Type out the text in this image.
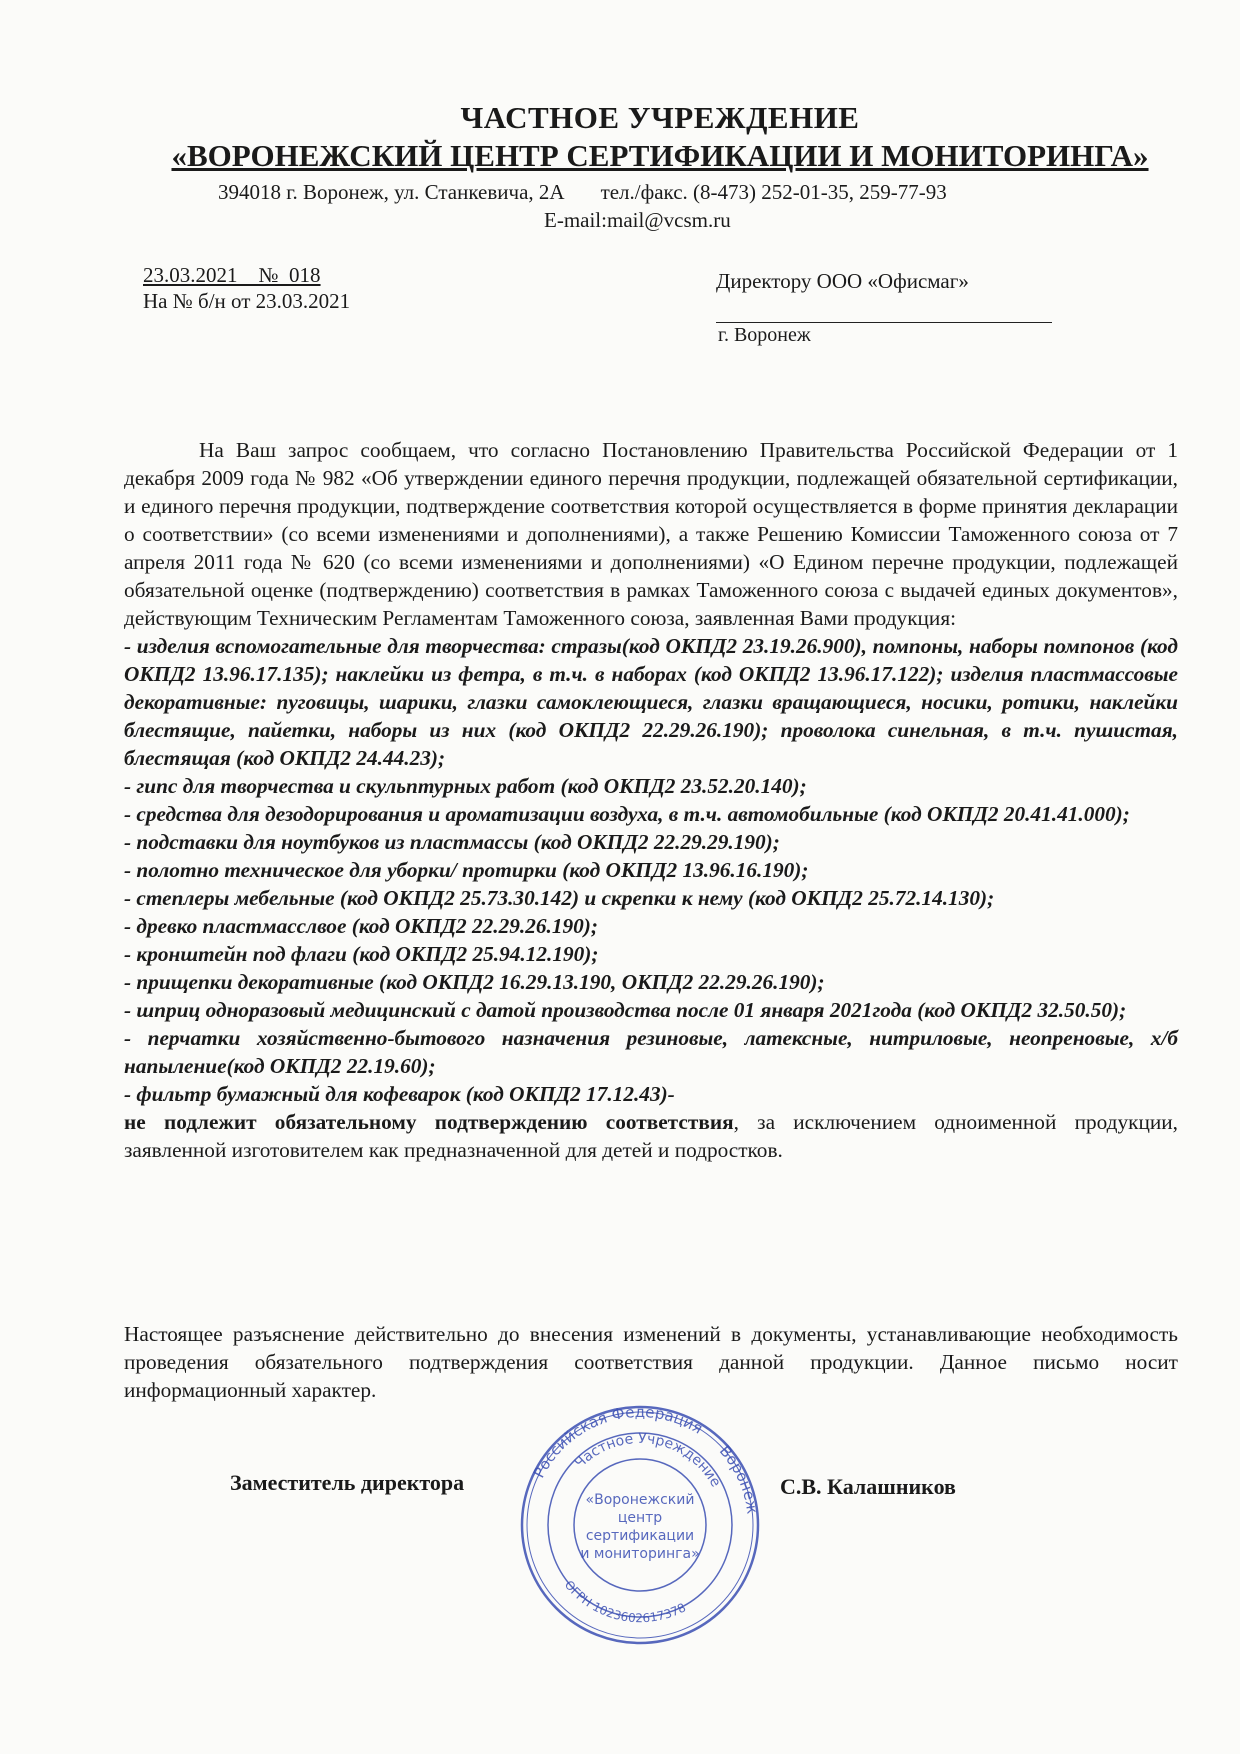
ЧАСТНОЕ УЧРЕЖДЕНИЕ
«ВОРОНЕЖСКИЙ ЦЕНТР СЕРТИФИКАЦИИ И МОНИТОРИНГА»
394018 г. Воронеж, ул. Станкевича, 2А тел./факс. (8-473) 252-01-35, 259-77-93
E-mail:mail@vcsm.ru
23.03.2021    №  018
На № б/н от 23.03.2021
Директору ООО «Офисмаг»
г. Воронеж

На Ваш запрос сообщаем, что согласно Постановлению Правительства Российской Федерации от 1 декабря 2009 года № 982 «Об утверждении единого перечня продукции, подлежащей обязательной сертификации, и единого перечня продукции, подтверждение соответствия которой осуществляется в форме принятия декларации о соответствии» (со всеми изменениями и дополнениями), а также Решению Комиссии Таможенного союза от 7 апреля 2011 года № 620 (со всеми изменениями и дополнениями) «О Едином перечне продукции, подлежащей обязательной оценке (подтверждению) соответствия в рамках Таможенного союза с выдачей единых документов», действующим Техническим Регламентам Таможенного союза, заявленная Вами продукция:

- изделия вспомогательные для творчества: стразы(код ОКПД2 23.19.26.900), помпоны, наборы помпонов (код ОКПД2 13.96.17.135); наклейки из фетра, в т.ч. в наборах (код ОКПД2 13.96.17.122); изделия пластмассовые декоративные: пуговицы, шарики, глазки самоклеющиеся, глазки вращающиеся, носики, ротики, наклейки блестящие, пайетки, наборы из них (код ОКПД2 22.29.26.190); проволока синельная, в т.ч. пушистая, блестящая (код ОКПД2 24.44.23);
- гипс для творчества и скульптурных работ (код ОКПД2 23.52.20.140);
- средства для дезодорирования и ароматизации воздуха, в т.ч. автомобильные (код ОКПД2 20.41.41.000);
- подставки для ноутбуков из пластмассы (код ОКПД2 22.29.29.190);
- полотно техническое для уборки/ протирки (код ОКПД2 13.96.16.190);
- степлеры мебельные (код ОКПД2 25.73.30.142) и скрепки к нему (код ОКПД2 25.72.14.130);
- древко пластмасслвое (код ОКПД2 22.29.26.190);
- кронштейн под флаги (код ОКПД2 25.94.12.190);
- прищепки декоративные (код ОКПД2 16.29.13.190, ОКПД2 22.29.26.190);
- шприц одноразовый медицинский с датой производства после 01 января 2021года (код ОКПД2 32.50.50);
- перчатки хозяйственно-бытового назначения резиновые, латексные, нитриловые, неопреновые, х/б напыление(код ОКПД2 22.19.60);
- фильтр бумажный для кофеварок (код ОКПД2 17.12.43)-

не подлежит обязательному подтверждению соответствия, за исключением одноименной продукции, заявленной изготовителем как предназначенной для детей и подростков.

Настоящее разъяснение действительно до внесения изменений в документы, устанавливающие необходимость проведения обязательного подтверждения соответствия данной продукции. Данное письмо носит информационный характер.
Заместитель директора	С.В. Калашников
Российская Федерация
Воронеж
Частное Учреждение
ОГРН 1023602617378
«Воронежский
центр
сертификации
и мониторинга»
